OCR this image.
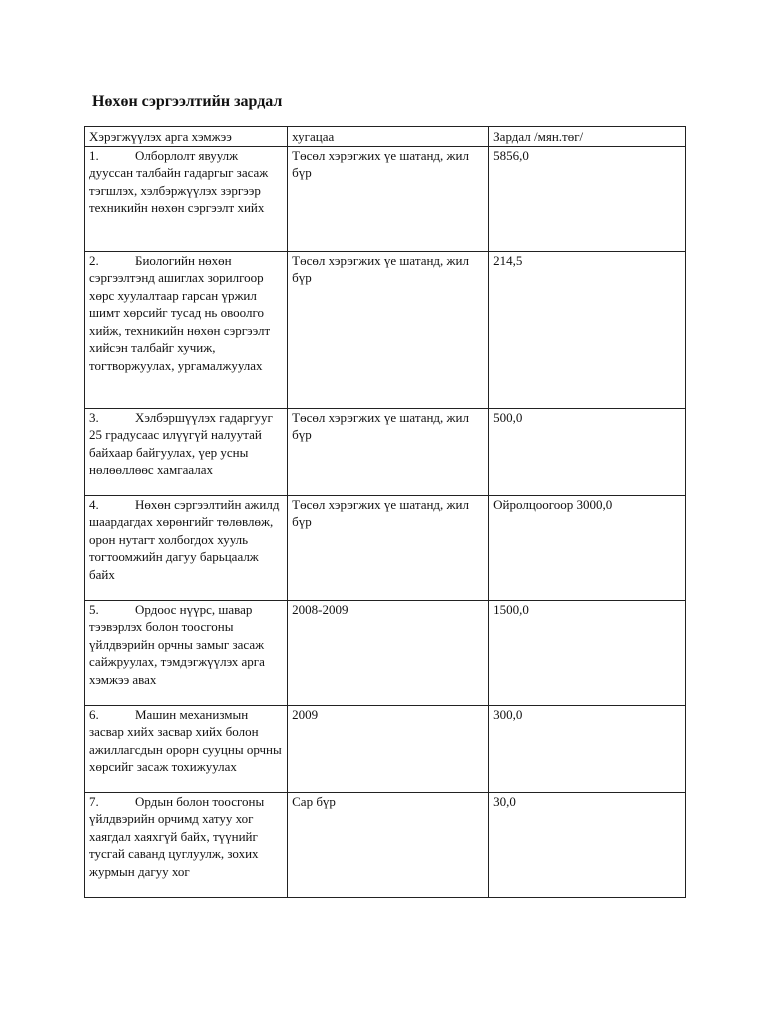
Нөхөн сэргээлтийн зардал
Хэрэгжүүлэх арга хэмжээ	хугацаа	Зардал /мян.төг/
1. Олборлолт явуулж дууссан талбайн гадаргыг засаж тэгшлэх, хэлбэржүүлэх зэргээр техникийн нөхөн сэргээлт хийх	Төсөл хэрэгжих үе шатанд, жил бүр	5856,0
2. Биологийн нөхөн сэргээлтэнд ашиглах зорилгоор хөрс хуулалтаар гарсан үржил шимт хөрсийг тусад нь овоолго хийж, техникийн нөхөн сэргээлт хийсэн талбайг хучиж, тогтворжуулах, ургамалжуулах	Төсөл хэрэгжих үе шатанд, жил бүр	214,5
3. Хэлбэршүүлэх гадаргууг 25 градусаас илүүгүй налуутай байхаар байгуулах, үер усны нөлөөллөөс хамгаалах	Төсөл хэрэгжих үе шатанд, жил бүр	500,0
4. Нөхөн сэргээлтийн ажилд шаардагдах хөрөнгийг төлөвлөж, орон нутагт холбогдох хууль тогтоомжийн дагуу барьцаалж байх	Төсөл хэрэгжих үе шатанд, жил бүр	Ойролцоогоор 3000,0
5. Ордоос нүүрс, шавар тээвэрлэх болон тоосгоны үйлдвэрийн орчны замыг засаж сайжруулах, тэмдэгжүүлэх арга хэмжээ авах	2008-2009	1500,0
6. Машин механизмын засвар хийх засвар хийх болон ажиллагсдын орорн сууцны орчны хөрсийг засаж тохижуулах	2009	300,0
7. Ордын болон тоосгоны үйлдвэрийн орчимд хатуу хог хаягдал хаяхгүй байх, түүнийг тусгай саванд цуглуулж, зохих журмын дагуу хог	Сар бүр	30,0
